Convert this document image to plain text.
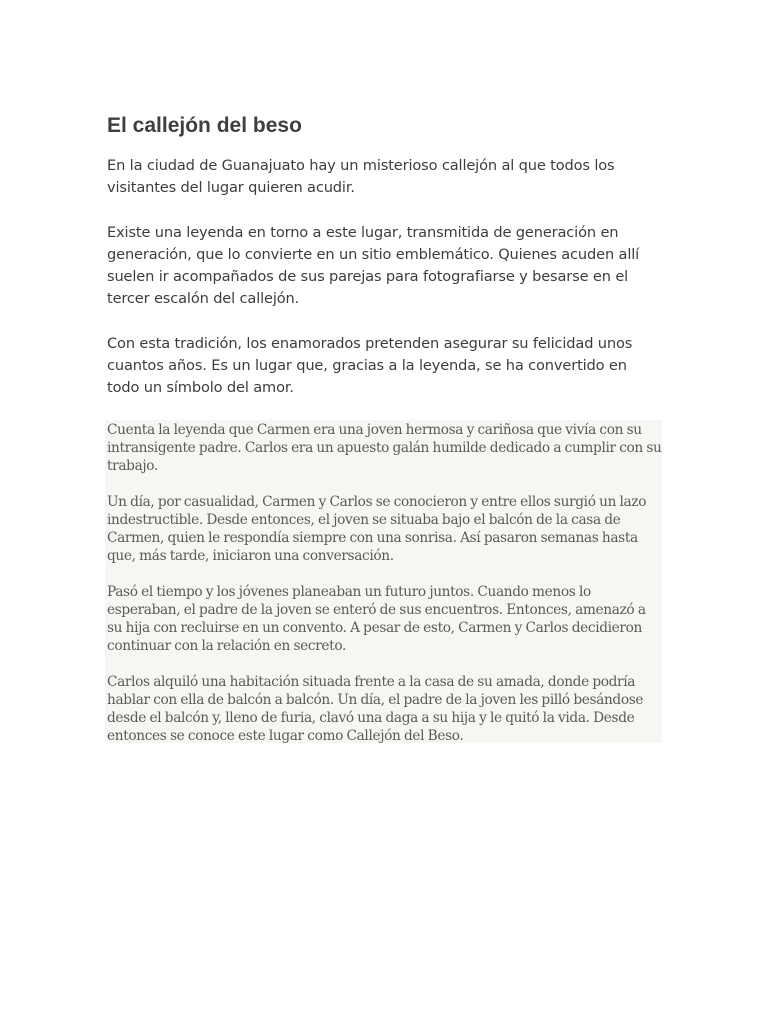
El callejón del beso

En la ciudad de Guanajuato hay un misterioso callejón al que todos los visitantes del lugar quieren acudir.

Existe una leyenda en torno a este lugar, transmitida de generación en generación, que lo convierte en un sitio emblemático. Quienes acuden allí suelen ir acompañados de sus parejas para fotografiarse y besarse en el tercer escalón del callejón.

Con esta tradición, los enamorados pretenden asegurar su felicidad unos cuantos años. Es un lugar que, gracias a la leyenda, se ha convertido en todo un símbolo del amor.

Cuenta la leyenda que Carmen era una joven hermosa y cariñosa que vivía con su intransigente padre. Carlos era un apuesto galán humilde dedicado a cumplir con su trabajo.

Un día, por casualidad, Carmen y Carlos se conocieron y entre ellos surgió un lazo indestructible. Desde entonces, el joven se situaba bajo el balcón de la casa de Carmen, quien le respondía siempre con una sonrisa. Así pasaron semanas hasta que, más tarde, iniciaron una conversación.

Pasó el tiempo y los jóvenes planeaban un futuro juntos. Cuando menos lo esperaban, el padre de la joven se enteró de sus encuentros. Entonces, amenazó a su hija con recluirse en un convento. A pesar de esto, Carmen y Carlos decidieron continuar con la relación en secreto.

Carlos alquiló una habitación situada frente a la casa de su amada, donde podría hablar con ella de balcón a balcón. Un día, el padre de la joven les pilló besándose desde el balcón y, lleno de furia, clavó una daga a su hija y le quitó la vida. Desde entonces se conoce este lugar como Callejón del Beso.
